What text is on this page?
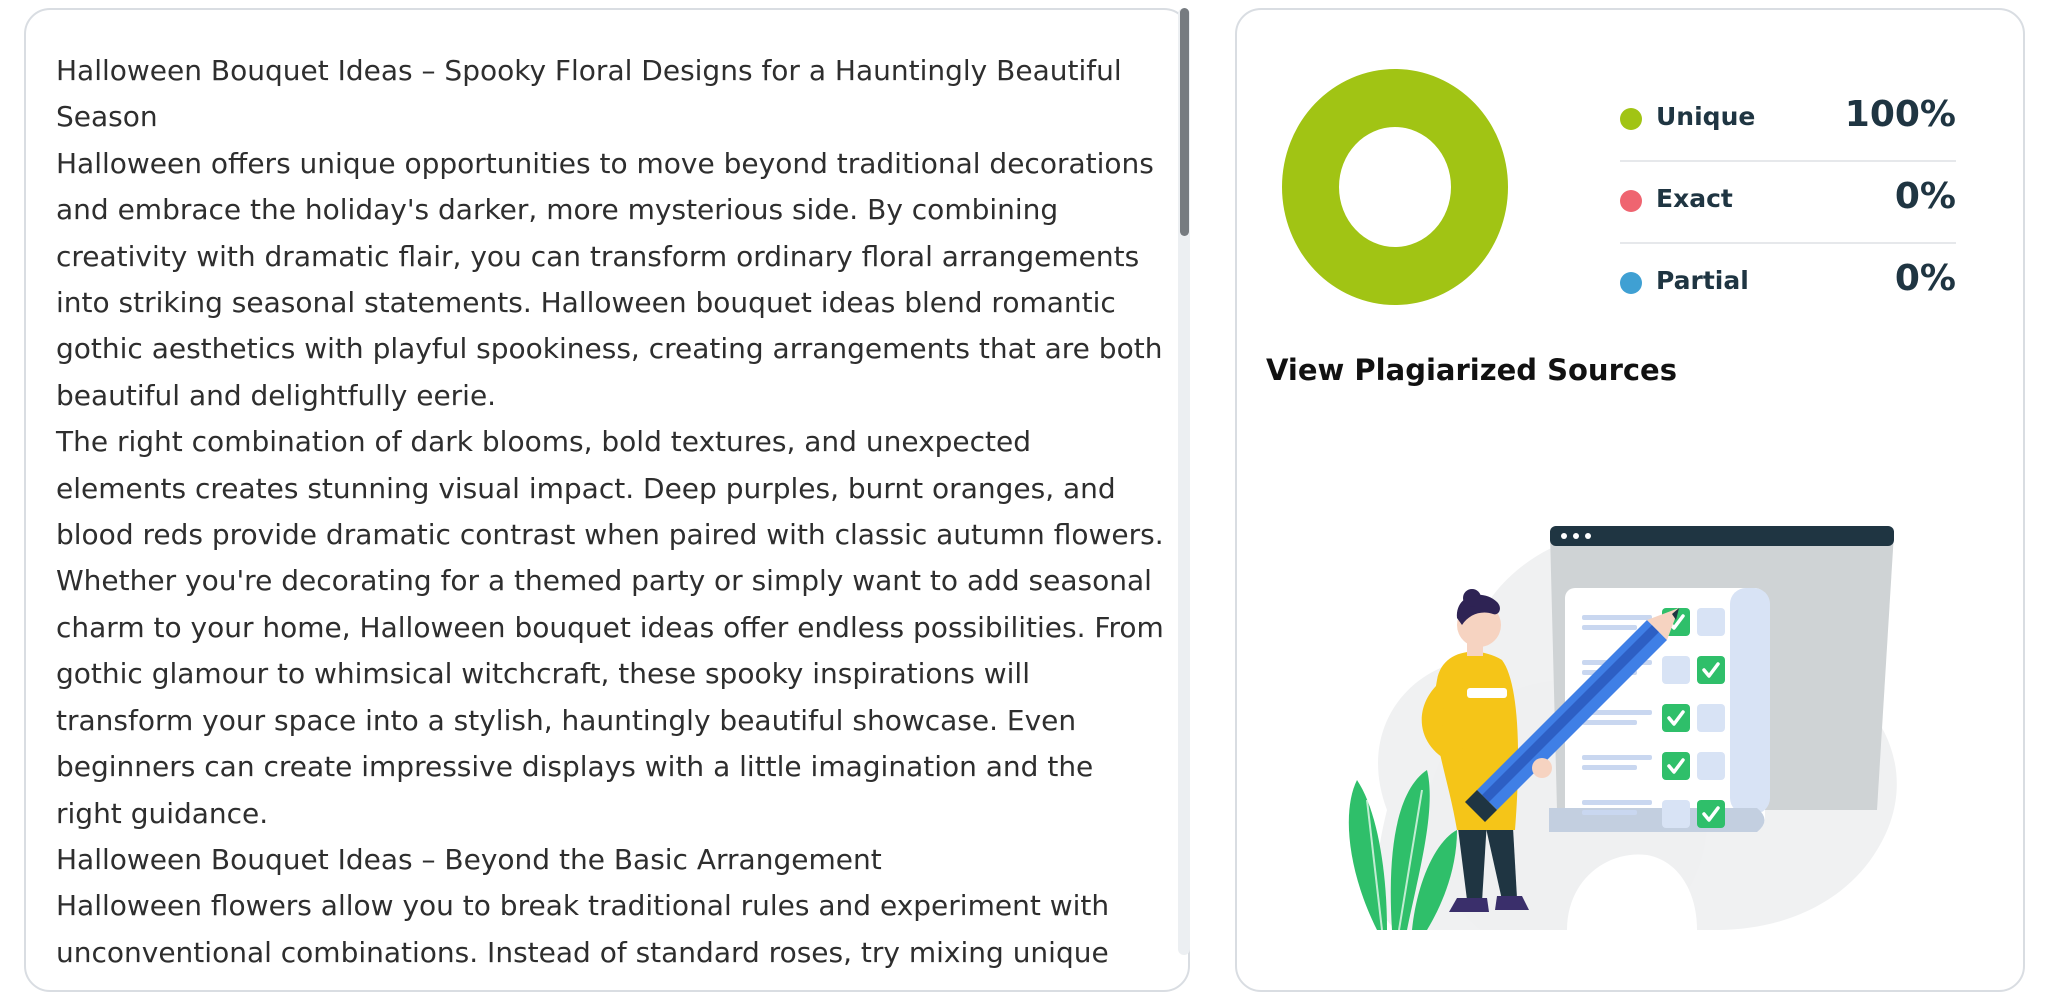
Halloween Bouquet Ideas – Spooky Floral Designs for a Hauntingly Beautiful Season

Halloween offers unique opportunities to move beyond traditional decorations and embrace the holiday's darker, more mysterious side. By combining creativity with dramatic flair, you can transform ordinary floral arrangements into striking seasonal statements. Halloween bouquet ideas blend romantic gothic aesthetics with playful spookiness, creating arrangements that are both beautiful and delightfully eerie.

The right combination of dark blooms, bold textures, and unexpected elements creates stunning visual impact. Deep purples, burnt oranges, and blood reds provide dramatic contrast when paired with classic autumn flowers. Whether you're decorating for a themed party or simply want to add seasonal charm to your home, Halloween bouquet ideas offer endless possibilities. From gothic glamour to whimsical witchcraft, these spooky inspirations will transform your space into a stylish, hauntingly beautiful showcase. Even beginners can create impressive displays with a little imagination and the right guidance.

Halloween Bouquet Ideas – Beyond the Basic Arrangement

Halloween flowers allow you to break traditional rules and experiment with unconventional combinations. Instead of standard roses, try mixing unique

Unique 100%
Exact	0%
Partial	0%
View Plagiarized Sources
